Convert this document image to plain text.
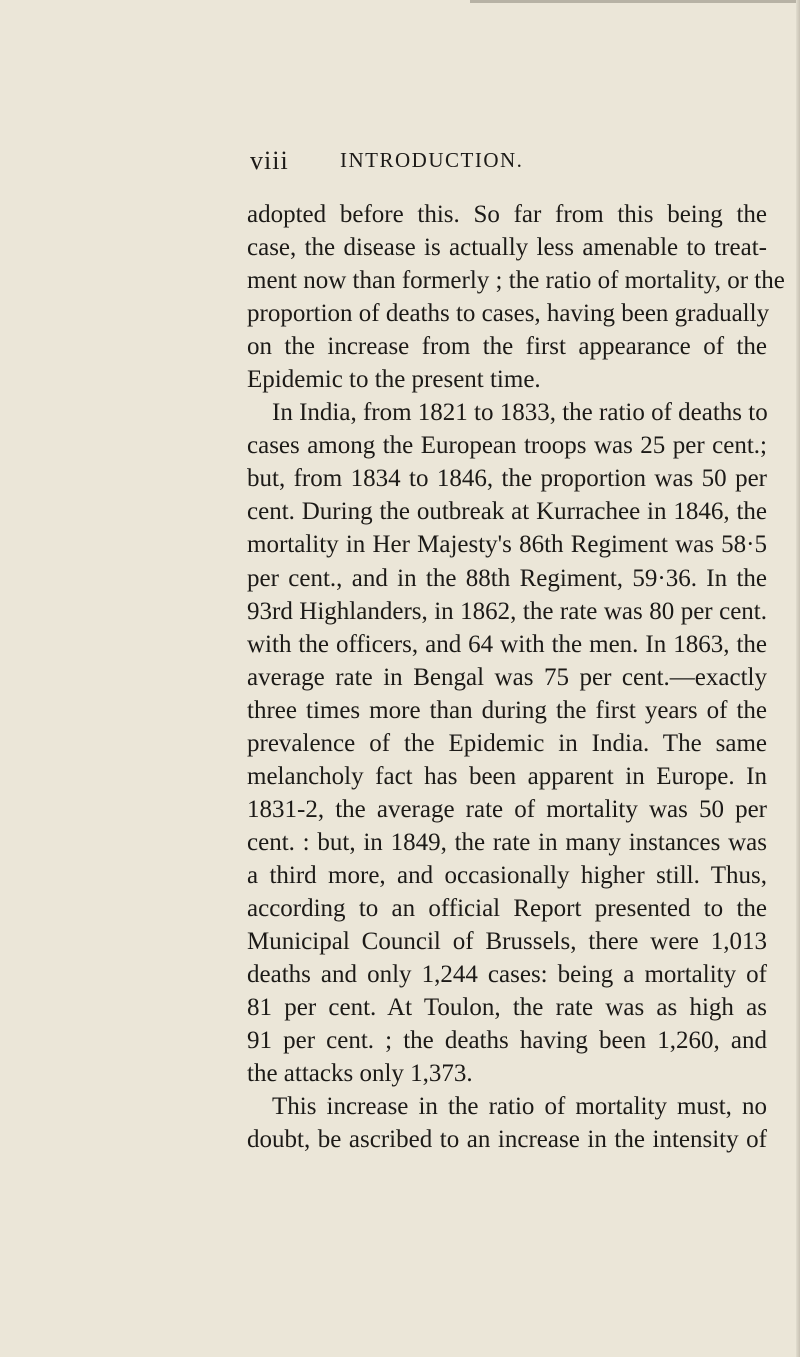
viii INTRODUCTION.
adopted before this. So far from this being the
case, the disease is actually less amenable to treat-
ment now than formerly ; the ratio of mortality, or the
proportion of deaths to cases, having been gradually
on the increase from the first appearance of the
Epidemic to the present time.
In India, from 1821 to 1833, the ratio of deaths to
cases among the European troops was 25 per cent.;
but, from 1834 to 1846, the proportion was 50 per
cent. During the outbreak at Kurrachee in 1846, the
mortality in Her Majesty's 86th Regiment was 58·5
per cent., and in the 88th Regiment, 59·36. In the
93rd Highlanders, in 1862, the rate was 80 per cent.
with the officers, and 64 with the men. In 1863, the
average rate in Bengal was 75 per cent.—exactly
three times more than during the first years of the
prevalence of the Epidemic in India. The same
melancholy fact has been apparent in Europe. In
1831-2, the average rate of mortality was 50 per
cent. : but, in 1849, the rate in many instances was
a third more, and occasionally higher still. Thus,
according to an official Report presented to the
Municipal Council of Brussels, there were 1,013
deaths and only 1,244 cases: being a mortality of
81 per cent. At Toulon, the rate was as high as
91 per cent. ; the deaths having been 1,260, and
the attacks only 1,373.
This increase in the ratio of mortality must, no
doubt, be ascribed to an increase in the intensity of
